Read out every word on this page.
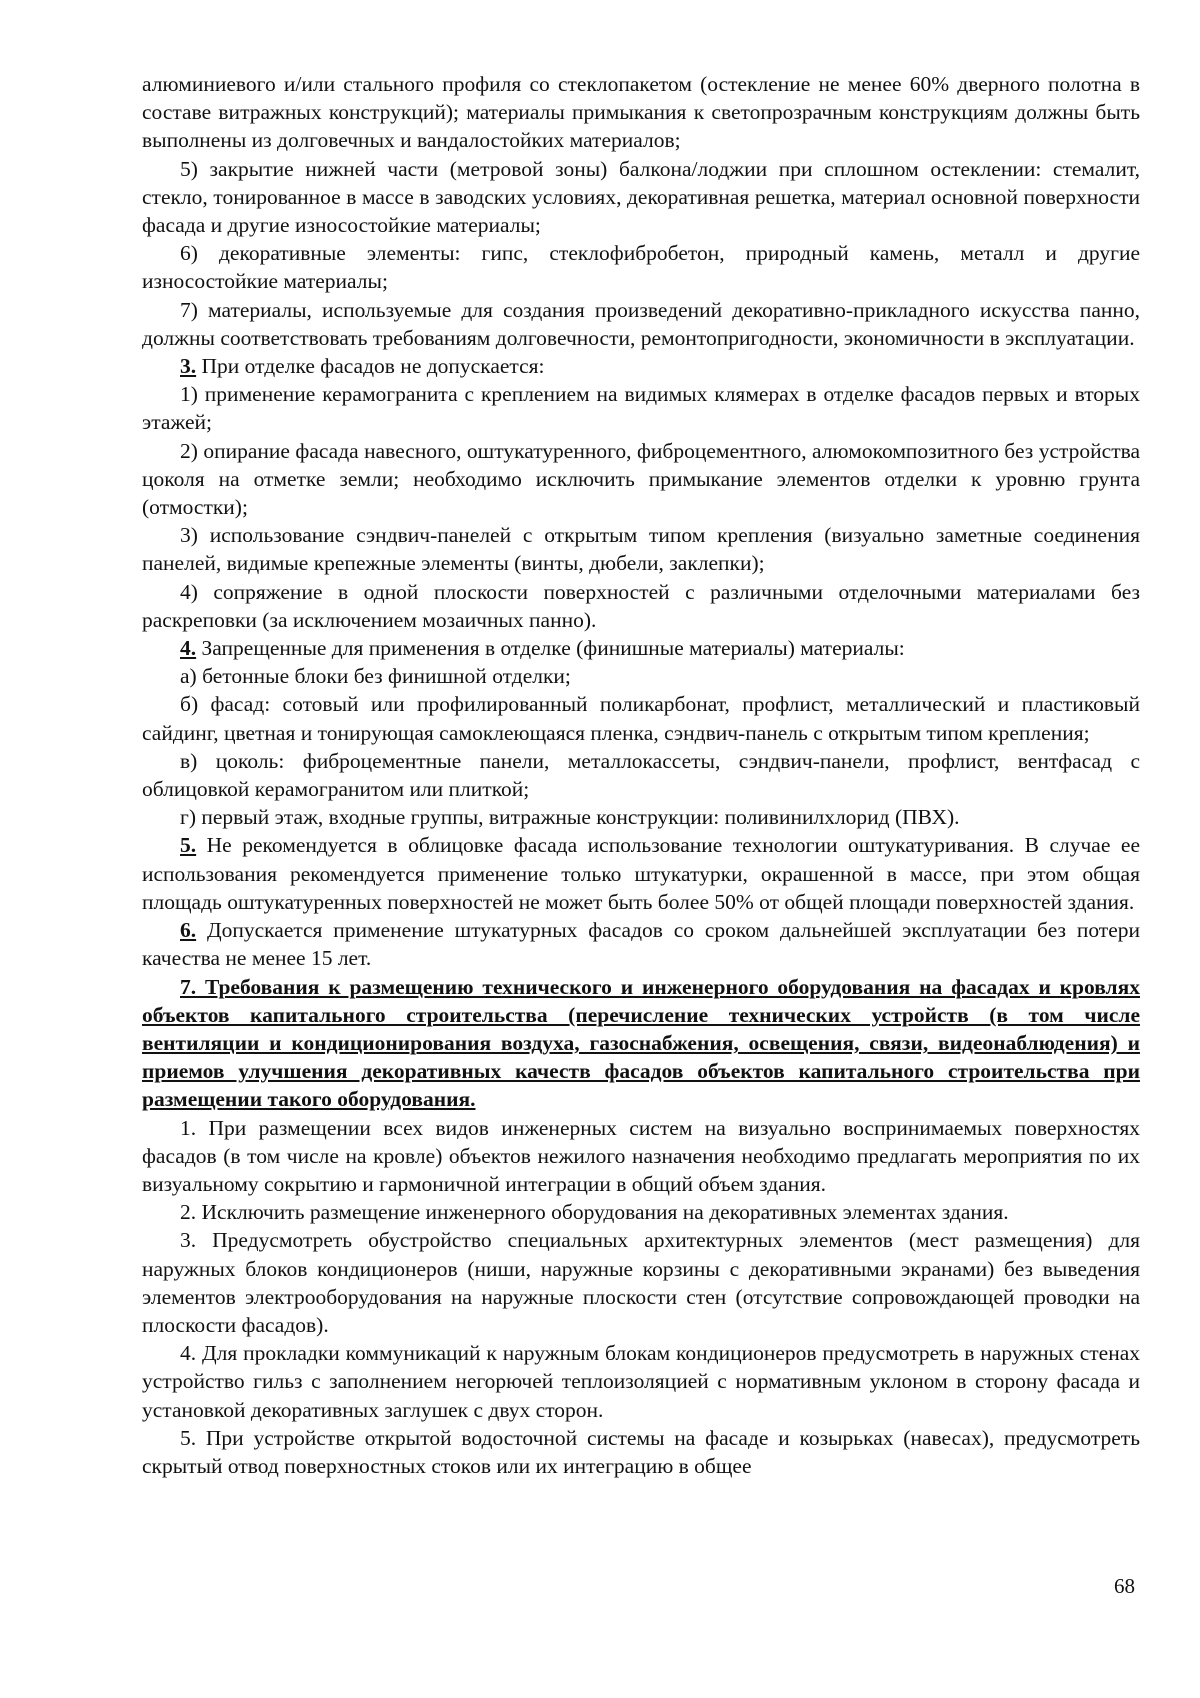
алюминиевого и/или стального профиля со стеклопакетом (остекление не менее 60% дверного полотна в составе витражных конструкций); материалы примыкания к светопрозрачным конструкциям должны быть выполнены из долговечных и вандалостойких материалов;

5) закрытие нижней части (метровой зоны) балкона/лоджии при сплошном остеклении: стемалит, стекло, тонированное в массе в заводских условиях, декоративная решетка, материал основной поверхности фасада и другие износостойкие материалы;

6) декоративные элементы: гипс, стеклофибробетон, природный камень, металл и другие износостойкие материалы;

7) материалы, используемые для создания произведений декоративно-прикладного искусства панно, должны соответствовать требованиям долговечности, ремонтопригодности, экономичности в эксплуатации.

3. При отделке фасадов не допускается:

1) применение керамогранита с креплением на видимых клямерах в отделке фасадов первых и вторых этажей;

2) опирание фасада навесного, оштукатуренного, фиброцементного, алюмокомпозитного без устройства цоколя на отметке земли; необходимо исключить примыкание элементов отделки к уровню грунта (отмостки);

3) использование сэндвич-панелей с открытым типом крепления (визуально заметные соединения панелей, видимые крепежные элементы (винты, дюбели, заклепки);

4) сопряжение в одной плоскости поверхностей с различными отделочными материалами без раскреповки (за исключением мозаичных панно).

4. Запрещенные для применения в отделке (финишные материалы) материалы:

а) бетонные блоки без финишной отделки;

б) фасад: сотовый или профилированный поликарбонат, профлист, металлический и пластиковый сайдинг, цветная и тонирующая самоклеющаяся пленка, сэндвич-панель с открытым типом крепления;

в) цоколь: фиброцементные панели, металлокассеты, сэндвич-панели, профлист, вентфасад с облицовкой керамогранитом или плиткой;

г) первый этаж, входные группы, витражные конструкции: поливинилхлорид (ПВХ).

5. Не рекомендуется в облицовке фасада использование технологии оштукатуривания. В случае ее использования рекомендуется применение только штукатурки, окрашенной в массе, при этом общая площадь оштукатуренных поверхностей не может быть более 50% от общей площади поверхностей здания.

6. Допускается применение штукатурных фасадов со сроком дальнейшей эксплуатации без потери качества не менее 15 лет.

7. Требования к размещению технического и инженерного оборудования на фасадах и кровлях объектов капитального строительства (перечисление технических устройств (в том числе вентиляции и кондиционирования воздуха, газоснабжения, освещения, связи, видеонаблюдения) и приемов улучшения декоративных качеств фасадов объектов капитального строительства при размещении такого оборудования.

1. При размещении всех видов инженерных систем на визуально воспринимаемых поверхностях фасадов (в том числе на кровле) объектов нежилого назначения необходимо предлагать мероприятия по их визуальному сокрытию и гармоничной интеграции в общий объем здания.

2. Исключить размещение инженерного оборудования на декоративных элементах здания.

3. Предусмотреть обустройство специальных архитектурных элементов (мест размещения) для наружных блоков кондиционеров (ниши, наружные корзины с декоративными экранами) без выведения элементов электрооборудования на наружные плоскости стен (отсутствие сопровождающей проводки на плоскости фасадов).

4. Для прокладки коммуникаций к наружным блокам кондиционеров предусмотреть в наружных стенах устройство гильз с заполнением негорючей теплоизоляцией с нормативным уклоном в сторону фасада и установкой декоративных заглушек с двух сторон.

5. При устройстве открытой водосточной системы на фасаде и козырьках (навесах), предусмотреть скрытый отвод поверхностных стоков или их интеграцию в общее

68
